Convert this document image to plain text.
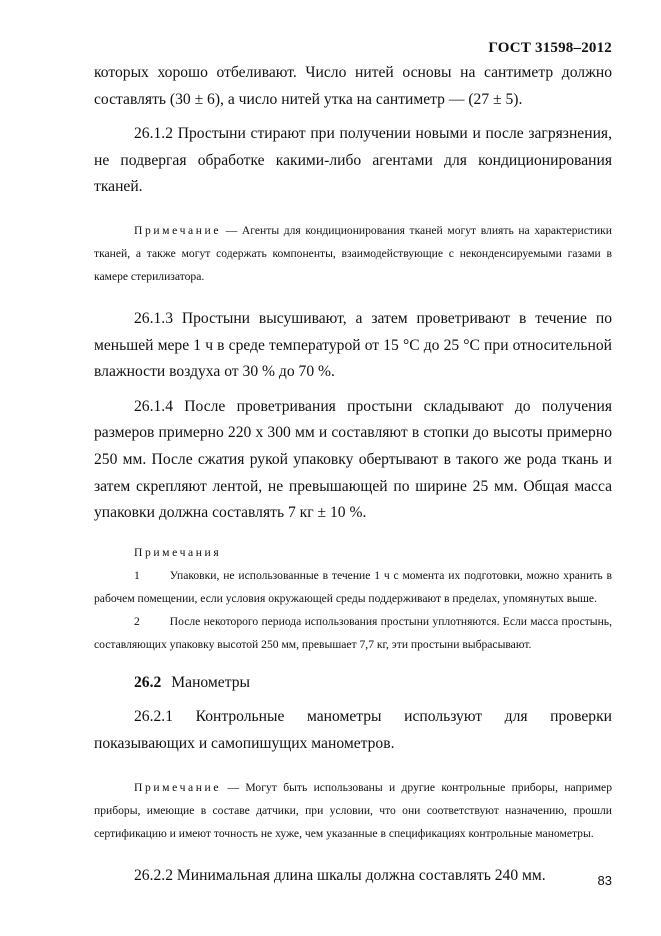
ГОСТ 31598–2012

которых хорошо отбеливают. Число нитей основы на сантиметр должно составлять (30 ± 6), а число нитей утка на сантиметр — (27 ± 5).

26.1.2 Простыни стирают при получении новыми и после загрязнения, не подвергая обработке какими-либо агентами для кондиционирования тканей.

Примечание — Агенты для кондиционирования тканей могут влиять на характеристики тканей, а также могут содержать компоненты, взаимодействующие с неконденсируемыми газами в камере стерилизатора.

26.1.3 Простыни высушивают, а затем проветривают в течение по меньшей мере 1 ч в среде температурой от 15 °С до 25 °С при относительной влажности воздуха от 30 % до 70 %.

26.1.4 После проветривания простыни складывают до получения размеров примерно 220 х 300 мм и составляют в стопки до высоты примерно 250 мм. После сжатия рукой упаковку обертывают в такого же рода ткань и затем скрепляют лентой, не превышающей по ширине 25 мм. Общая масса упаковки должна составлять 7 кг ± 10 %.

Примечания

1	Упаковки, не использованные в течение 1 ч с момента их подготовки, можно хранить в рабочем помещении, если условия окружающей среды поддерживают в пределах, упомянутых выше.

2	После некоторого периода использования простыни уплотняются. Если масса простынь, составляющих упаковку высотой 250 мм, превышает 7,7 кг, эти простыни выбрасывают.

26.2 Манометры

26.2.1 Контрольные манометры используют для проверки показывающих и самопишущих манометров.

Примечание — Могут быть использованы и другие контрольные приборы, например приборы, имеющие в составе датчики, при условии, что они соответствуют назначению, прошли сертификацию и имеют точность не хуже, чем указанные в спецификациях контрольные манометры.

26.2.2 Минимальная длина шкалы должна составлять 240 мм.	83
